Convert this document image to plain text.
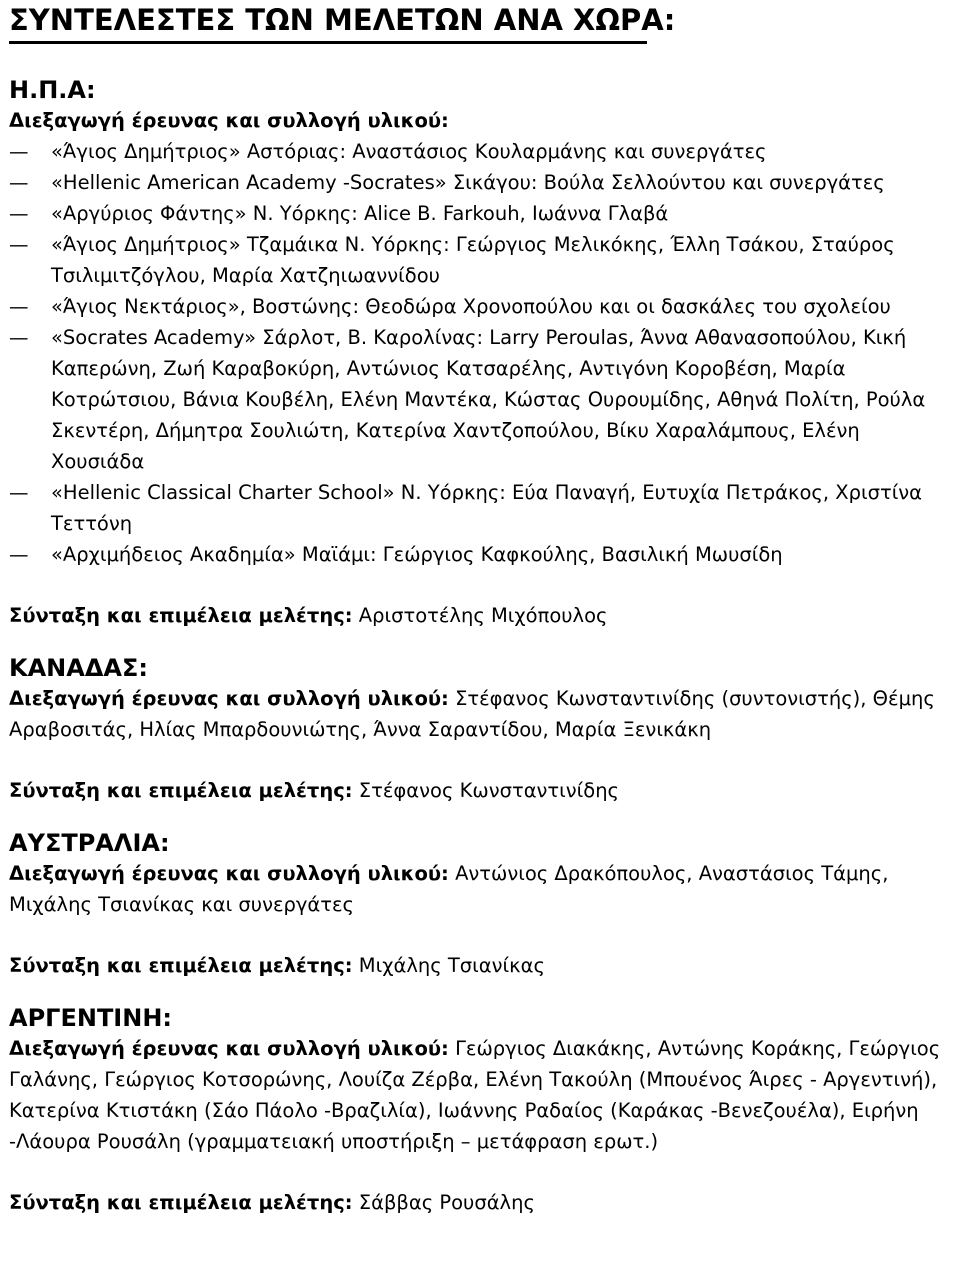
ΣΥΝΤΕΛΕΣΤΕΣ ΤΩΝ ΜΕΛΕΤΩΝ ΑΝΑ ΧΩΡΑ:
Η.Π.Α:

Διεξαγωγή έρευνας και συλλογή υλικού:

—	«Άγιος Δημήτριος» Αστόριας: Αναστάσιος Κουλαρμάνης και συνεργάτες
—	«Hellenic American Academy -Socrates» Σικάγου: Βούλα Σελλούντου και συνεργάτες
—	«Αργύριος Φάντης» Ν. Υόρκης: Alice B. Farkouh, Ιωάννα Γλαβά
—	«Άγιος Δημήτριος» Τζαμάικα Ν. Υόρκης: Γεώργιος Μελικόκης, Έλλη Τσάκου, Σταύρος Τσιλιμιτζόγλου, Μαρία Χατζηιωαννίδου
—	«Άγιος Νεκτάριος», Βοστώνης: Θεοδώρα Χρονοπούλου και οι δασκάλες του σχολείου
—	«Socrates Academy» Σάρλοτ, Β. Καρολίνας: Larry Peroulas, Άννα Αθανασοπούλου, Κική Καπερώνη, Ζωή Καραβοκύρη, Αντώνιος Κατσαρέλης, Αντιγόνη Κοροβέση, Μαρία Κοτρώτσιου, Βάνια Κουβέλη, Ελένη Μαντέκα, Κώστας Ουρουμίδης, Αθηνά Πολίτη, Ρούλα Σκεντέρη, Δήμητρα Σουλιώτη, Κατερίνα Χαντζοπούλου, Βίκυ Χαραλάμπους, Ελένη Χουσιάδα
—	«Hellenic Classical Charter School» Ν. Υόρκης: Εύα Παναγή, Ευτυχία Πετράκος, Χριστίνα Τεττόνη
—	«Αρχιμήδειος Ακαδημία» Μαϊάμι: Γεώργιος Καφκούλης, Βασιλική Μωυσίδη

Σύνταξη και επιμέλεια μελέτης: Αριστοτέλης Μιχόπουλος

ΚΑΝΑΔΑΣ:

Διεξαγωγή έρευνας και συλλογή υλικού: Στέφανος Κωνσταντινίδης (συντονιστής), Θέμης Αραβοσιτάς, Ηλίας Μπαρδουνιώτης, Άννα Σαραντίδου, Μαρία Ξενικάκη

Σύνταξη και επιμέλεια μελέτης: Στέφανος Κωνσταντινίδης

ΑΥΣΤΡΑΛΙΑ:

Διεξαγωγή έρευνας και συλλογή υλικού: Αντώνιος Δρακόπουλος, Αναστάσιος Τάμης, Μιχάλης Τσιανίκας και συνεργάτες

Σύνταξη και επιμέλεια μελέτης: Μιχάλης Τσιανίκας

ΑΡΓΕΝΤΙΝΗ:

Διεξαγωγή έρευνας και συλλογή υλικού: Γεώργιος Διακάκης, Αντώνης Κοράκης, Γεώργιος Γαλάνης, Γεώργιος Κοτσορώνης, Λουίζα Ζέρβα, Ελένη Τακούλη (Μπουένος Άιρες - Αργεντινή), Κατερίνα Κτιστάκη (Σάο Πάολο -Βραζιλία), Ιωάννης Ραδαίος (Καράκας -Βενεζουέλα), Ειρήνη -Λάουρα Ρουσάλη (γραμματειακή υποστήριξη – μετάφραση ερωτ.)

Σύνταξη και επιμέλεια μελέτης: Σάββας Ρουσάλης
